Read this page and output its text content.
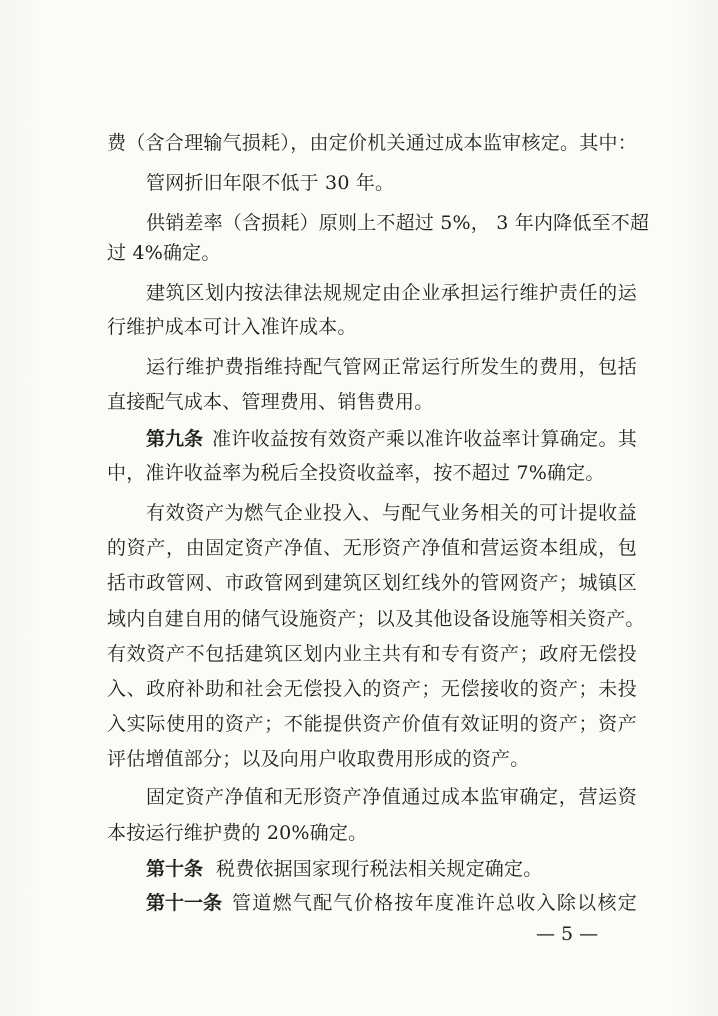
费（含合理输气损耗），由定价机关通过成本监审核定。其中：
管网折旧年限不低于 30 年。
供销差率（含损耗）原则上不超过 5%， 3 年内降低至不超
过 4%确定。
建筑区划内按法律法规规定由企业承担运行维护责任的运
行维护成本可计入准许成本。
运行维护费指维持配气管网正常运行所发生的费用，包括
直接配气成本、管理费用、销售费用。
第九条 准许收益按有效资产乘以准许收益率计算确定。其
中，准许收益率为税后全投资收益率，按不超过 7%确定。
有效资产为燃气企业投入、与配气业务相关的可计提收益
的资产，由固定资产净值、无形资产净值和营运资本组成，包
括市政管网、市政管网到建筑区划红线外的管网资产；城镇区
域内自建自用的储气设施资产；以及其他设备设施等相关资产。
有效资产不包括建筑区划内业主共有和专有资产；政府无偿投
入、政府补助和社会无偿投入的资产；无偿接收的资产；未投
入实际使用的资产；不能提供资产价值有效证明的资产；资产
评估增值部分；以及向用户收取费用形成的资产。
固定资产净值和无形资产净值通过成本监审确定，营运资
本按运行维护费的 20%确定。
第十条 税费依据国家现行税法相关规定确定。
第十一条 管道燃气配气价格按年度准许总收入除以核定
— 5 —
